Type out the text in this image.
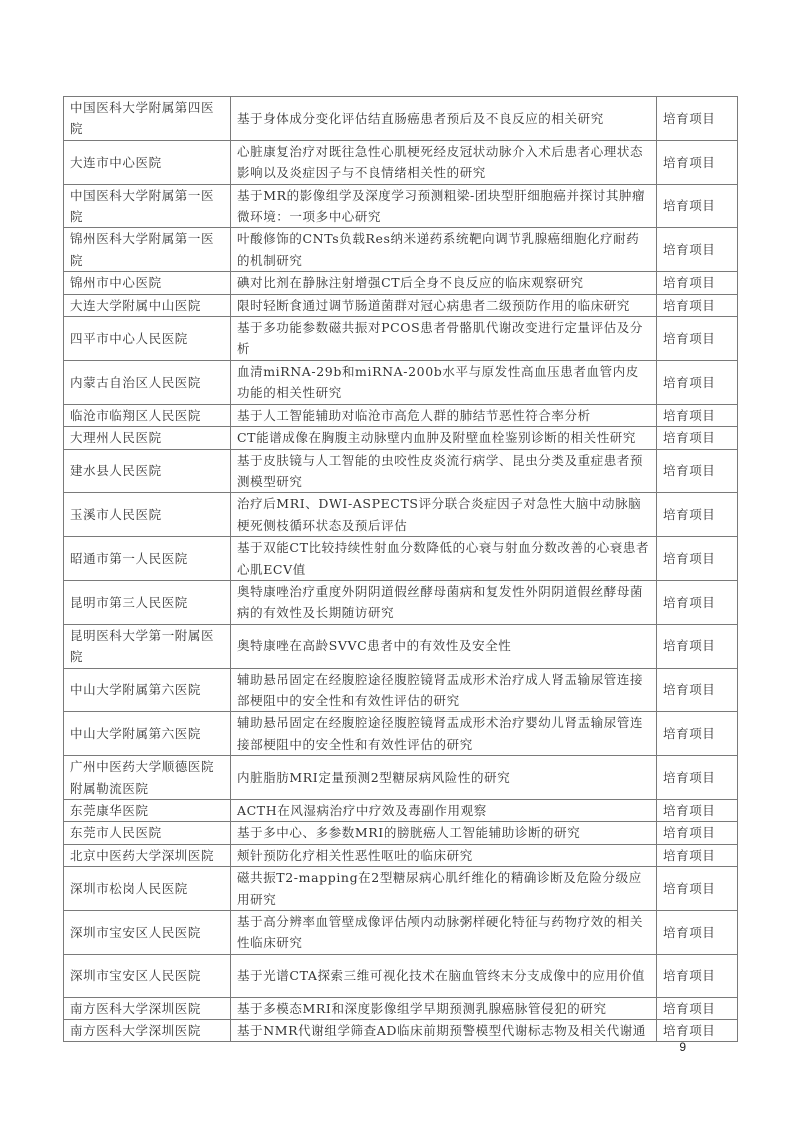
中国医科大学附属第四医院	基于身体成分变化评估结直肠癌患者预后及不良反应的相关研究	培育项目
大连市中心医院	心脏康复治疗对既往急性心肌梗死经皮冠状动脉介入术后患者心理状态影响以及炎症因子与不良情绪相关性的研究	培育项目
中国医科大学附属第一医院	基于MR的影像组学及深度学习预测粗梁-团块型肝细胞癌并探讨其肿瘤微环境：一项多中心研究	培育项目
锦州医科大学附属第一医院	叶酸修饰的CNTs负载Res纳米递药系统靶向调节乳腺癌细胞化疗耐药的机制研究	培育项目
锦州市中心医院	碘对比剂在静脉注射增强CT后全身不良反应的临床观察研究	培育项目
大连大学附属中山医院	限时轻断食通过调节肠道菌群对冠心病患者二级预防作用的临床研究	培育项目
四平市中心人民医院	基于多功能参数磁共振对PCOS患者骨骼肌代谢改变进行定量评估及分析	培育项目
内蒙古自治区人民医院	血清miRNA-29b和miRNA-200b水平与原发性高血压患者血管内皮功能的相关性研究	培育项目
临沧市临翔区人民医院	基于人工智能辅助对临沧市高危人群的肺结节恶性符合率分析	培育项目
大理州人民医院	CT能谱成像在胸腹主动脉壁内血肿及附壁血栓鉴别诊断的相关性研究	培育项目
建水县人民医院	基于皮肤镜与人工智能的虫咬性皮炎流行病学、昆虫分类及重症患者预测模型研究	培育项目
玉溪市人民医院	治疗后MRI、DWI-ASPECTS评分联合炎症因子对急性大脑中动脉脑梗死侧枝循环状态及预后评估	培育项目
昭通市第一人民医院	基于双能CT比较持续性射血分数降低的心衰与射血分数改善的心衰患者心肌ECV值	培育项目
昆明市第三人民医院	奥特康唑治疗重度外阴阴道假丝酵母菌病和复发性外阴阴道假丝酵母菌病的有效性及长期随访研究	培育项目
昆明医科大学第一附属医院	奥特康唑在高龄SVVC患者中的有效性及安全性	培育项目
中山大学附属第六医院	辅助悬吊固定在经腹腔途径腹腔镜肾盂成形术治疗成人肾盂输尿管连接部梗阻中的安全性和有效性评估的研究	培育项目
中山大学附属第六医院	辅助悬吊固定在经腹腔途径腹腔镜肾盂成形术治疗婴幼儿肾盂输尿管连接部梗阻中的安全性和有效性评估的研究	培育项目
广州中医药大学顺德医院附属勒流医院	内脏脂肪MRI定量预测2型糖尿病风险性的研究	培育项目
东莞康华医院	ACTH在风湿病治疗中疗效及毒副作用观察	培育项目
东莞市人民医院	基于多中心、多参数MRI的膀胱癌人工智能辅助诊断的研究	培育项目
北京中医药大学深圳医院	颊针预防化疗相关性恶性呕吐的临床研究	培育项目
深圳市松岗人民医院	磁共振T2-mapping在2型糖尿病心肌纤维化的精确诊断及危险分级应用研究	培育项目
深圳市宝安区人民医院	基于高分辨率血管壁成像评估颅内动脉粥样硬化特征与药物疗效的相关性临床研究	培育项目
深圳市宝安区人民医院	基于光谱CTA探索三维可视化技术在脑血管终末分支成像中的应用价值	培育项目
南方医科大学深圳医院	基于多模态MRI和深度影像组学早期预测乳腺癌脉管侵犯的研究	培育项目
南方医科大学深圳医院	基于NMR代谢组学筛查AD临床前期预警模型代谢标志物及相关代谢通	培育项目
9
